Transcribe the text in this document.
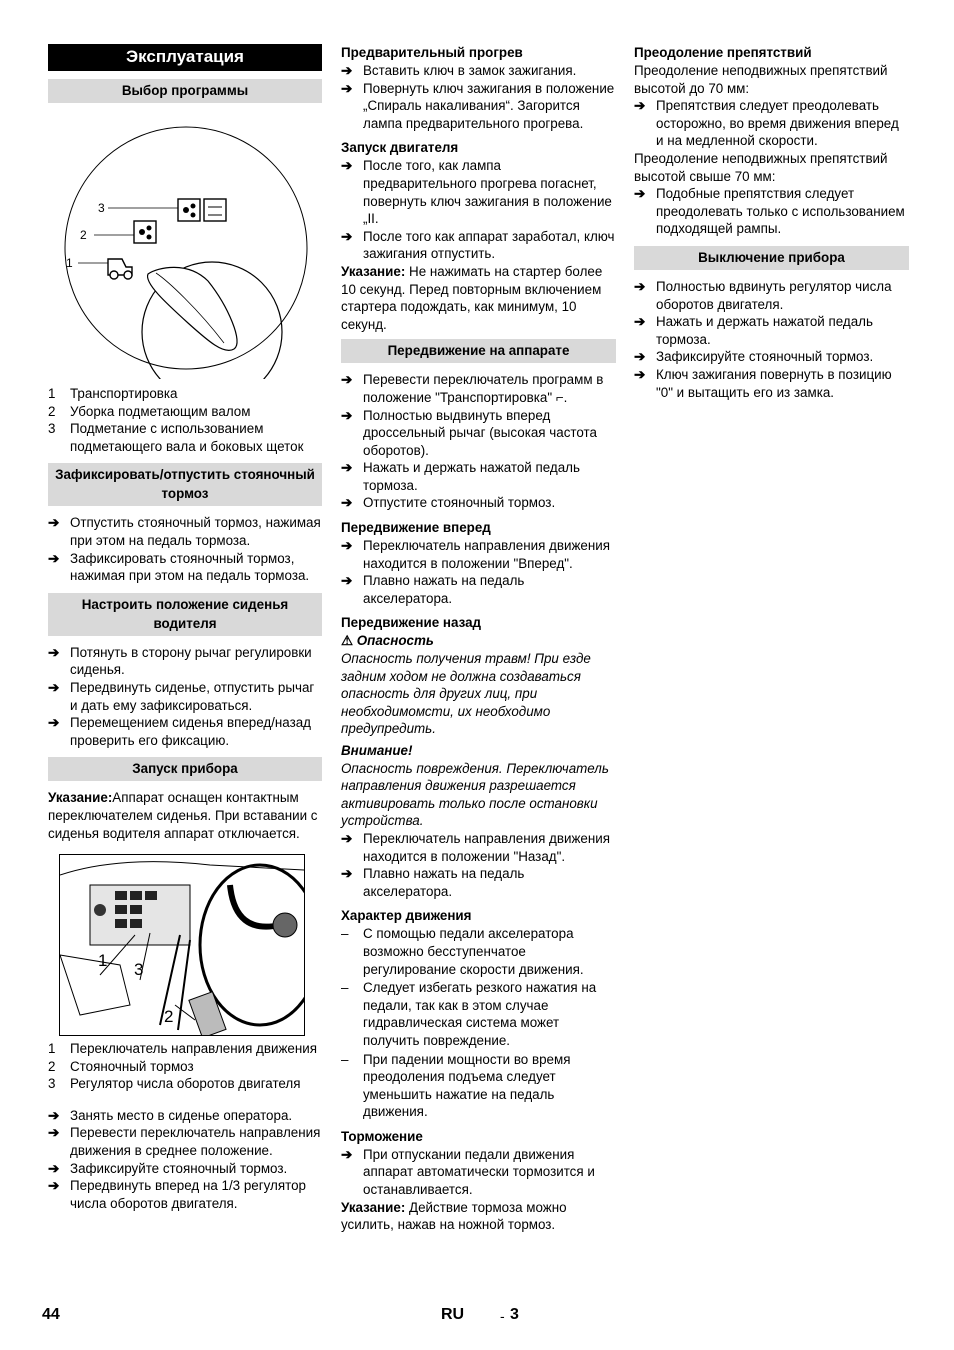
Эксплуатация
Выбор программы
3
2
1
1 Транспортировка
2 Уборка подметающим валом
3 Подметание с использованием подметающего вала и боковых щеток
Зафиксировать/отпустить стояночный тормоз
➔ Отпустить стояночный тормоз, нажимая при этом на педаль тормоза.
➔ Зафиксировать стояночный тормоз, нажимая при этом на педаль тормоза.
Настроить положение сиденья водителя
➔ Потянуть в сторону рычаг регулировки сиденья.
➔ Передвинуть сиденье, отпустить рычаг и дать ему зафиксироваться.
➔ Перемещением сиденья вперед/назад проверить его фиксацию.
Запуск прибора
Указание:Аппарат оснащен контактным переключателем сиденья. При вставании с сиденья водителя аппарат отключается.
1 3
2
1 Переключатель направления движения
2 Стояночный тормоз
3 Регулятор числа оборотов двигателя
➔ Занять место в сиденье оператора.
➔ Перевести переключатель направления движения в среднее положение.
➔ Зафиксируйте стояночный тормоз.
➔ Передвинуть вперед на 1/3 регулятор числа оборотов двигателя.
Предварительный прогрев
➔ Вставить ключ в замок зажигания.
➔ Повернуть ключ зажигания в положение „Спираль накаливания“. Загорится лампа предварительного прогрева.
Запуск двигателя
➔ После того, как лампа предварительного прогрева погаснет, повернуть ключ зажигания в положение „II.
➔ После того как аппарат заработал, ключ зажигания отпустить.
Указание: Не нажимать на стартер более 10 секунд. Перед повторным включением стартера подождать, как минимум, 10 секунд.
Передвижение на аппарате
➔ Перевести переключатель программ в положение "Транспортировка" ⌐.
➔ Полностью выдвинуть вперед дроссельный рычаг (высокая частота оборотов).
➔ Нажать и держать нажатой педаль тормоза.
➔ Отпустите стояночный тормоз.
Передвижение вперед
➔ Переключатель направления движения находится в положении "Вперед".
➔ Плавно нажать на педаль акселератора.
Передвижение назад
⚠ Опасность
Опасность получения травм! При езде задним ходом не должна создаваться опасность для других лиц, при необходимомсти, их необходимо предупредить.
Внимание!
Опасность повреждения. Переключатель направления движения разрешается активировать только после остановки устройства.
➔ Переключатель направления движения находится в положении "Назад".
➔ Плавно нажать на педаль акселератора.
Характер движения
– С помощью педали акселератора возможно бесступенчатое регулирование скорости движения.
– Следует избегать резкого нажатия на педали, так как в этом случае гидравлическая система может получить повреждение.
– При падении мощности во время преодоления подъема следует уменьшить нажатие на педаль движения.
Торможение
➔ При отпускании педали движения аппарат автоматически тормозится и останавливается.
Указание: Действие тормоза можно усилить, нажав на ножной тормоз.
Преодоление препятствий
Преодоление неподвижных препятствий высотой до 70 мм:
➔ Препятствия следует преодолевать осторожно, во время движения вперед и на медленной скорости.
Преодоление неподвижных препятствий высотой свыше 70 мм:
➔ Подобные препятствия следует преодолевать только с использованием подходящей рампы.
Выключение прибора
➔ Полностью вдвинуть регулятор числа оборотов двигателя.
➔ Нажать и держать нажатой педаль тормоза.
➔ Зафиксируйте стояночный тормоз.
➔ Ключ зажигания повернуть в позицию "0" и вытащить его из замка.
44	RU	- 3
